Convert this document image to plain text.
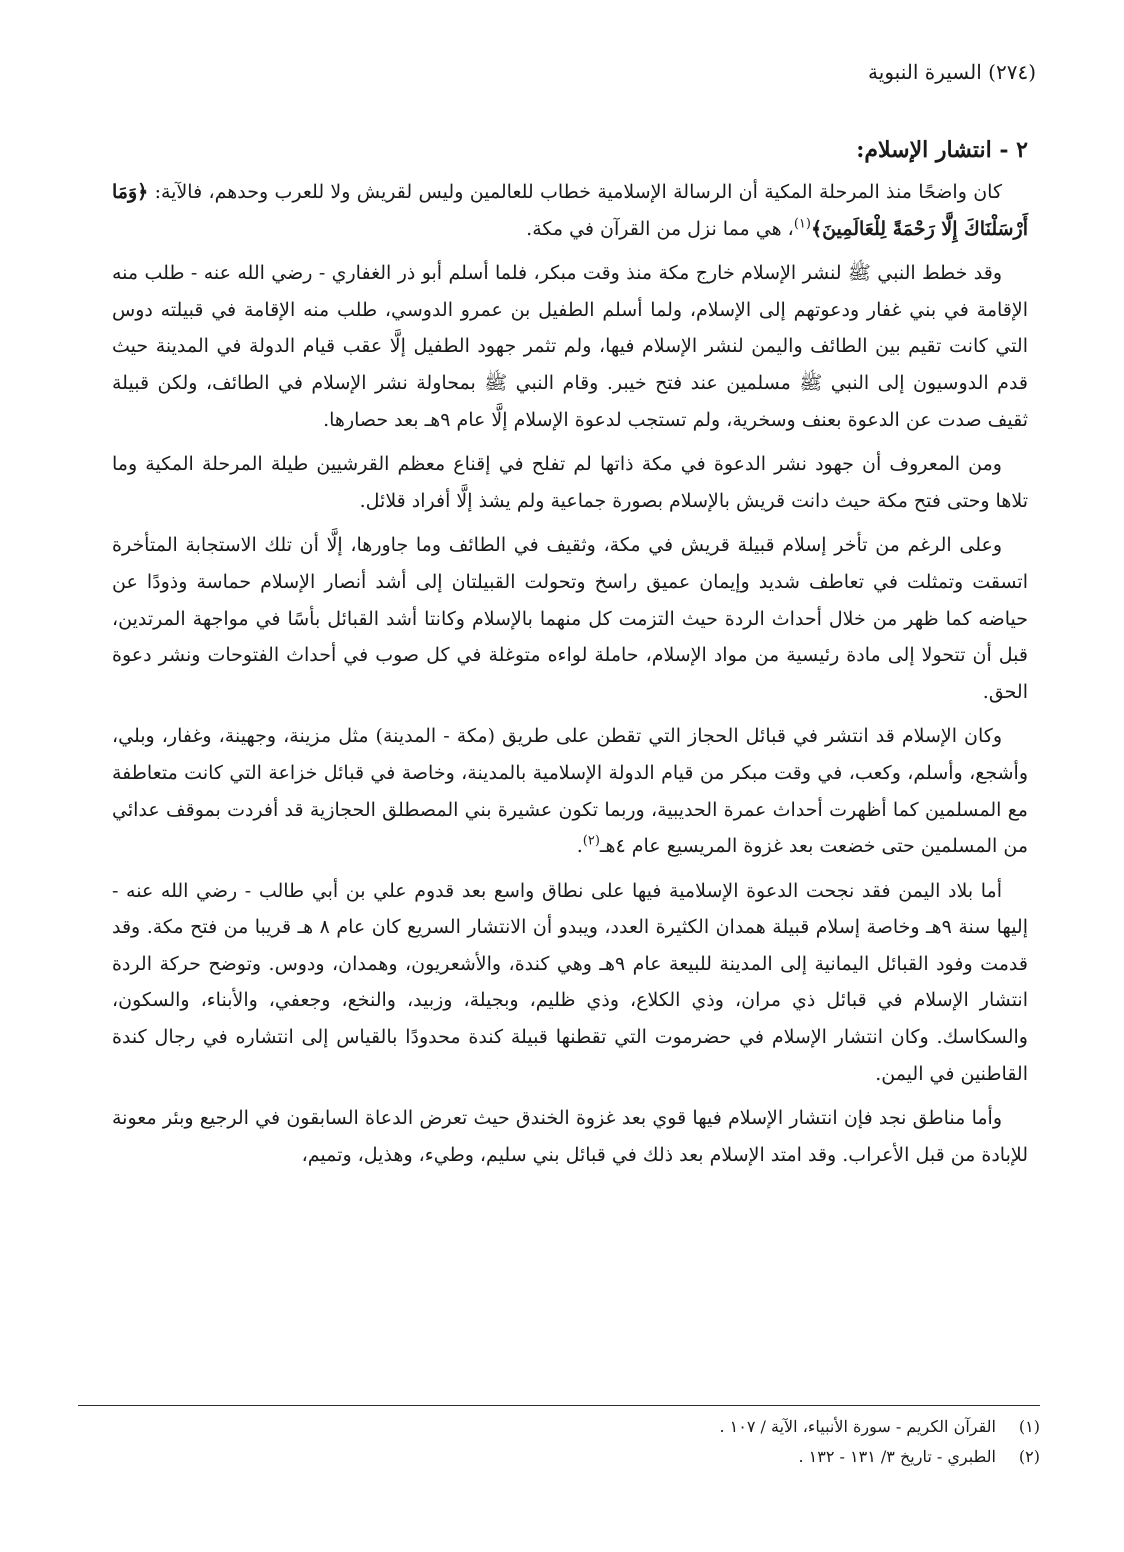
(٢٧٤) السيرة النبوية
٢ - انتشار الإسلام:

كان واضحًا منذ المرحلة المكية أن الرسالة الإسلامية خطاب للعالمين وليس لقريش ولا للعرب وحدهم، فالآية: ﴿وَمَا أَرْسَلْنَاكَ إِلَّا رَحْمَةً لِلْعَالَمِينَ﴾$^{(١)}$، هي مما نزل من القرآن في مكة.

وقد خطط النبي ﷺ لنشر الإسلام خارج مكة منذ وقت مبكر، فلما أسلم أبو ذر الغفاري - رضي الله عنه - طلب منه الإقامة في بني غفار ودعوتهم إلى الإسلام، ولما أسلم الطفيل بن عمرو الدوسي، طلب منه الإقامة في قبيلته دوس التي كانت تقيم بين الطائف واليمن لنشر الإسلام فيها، ولم تثمر جهود الطفيل إلَّا عقب قيام الدولة في المدينة حيث قدم الدوسيون إلى النبي ﷺ مسلمين عند فتح خيبر. وقام النبي ﷺ بمحاولة نشر الإسلام في الطائف، ولكن قبيلة ثقيف صدت عن الدعوة بعنف وسخرية، ولم تستجب لدعوة الإسلام إلَّا عام ٩هـ بعد حصارها.

ومن المعروف أن جهود نشر الدعوة في مكة ذاتها لم تفلح في إقناع معظم القرشيين طيلة المرحلة المكية وما تلاها وحتى فتح مكة حيث دانت قريش بالإسلام بصورة جماعية ولم يشذ إلَّا أفراد قلائل.

وعلى الرغم من تأخر إسلام قبيلة قريش في مكة، وثقيف في الطائف وما جاورها، إلَّا أن تلك الاستجابة المتأخرة اتسقت وتمثلت في تعاطف شديد وإيمان عميق راسخ وتحولت القبيلتان إلى أشد أنصار الإسلام حماسة وذودًا عن حياضه كما ظهر من خلال أحداث الردة حيث التزمت كل منهما بالإسلام وكانتا أشد القبائل بأسًا في مواجهة المرتدين، قبل أن تتحولا إلى مادة رئيسية من مواد الإسلام، حاملة لواءه متوغلة في كل صوب في أحداث الفتوحات ونشر دعوة الحق.

وكان الإسلام قد انتشر في قبائل الحجاز التي تقطن على طريق (مكة - المدينة) مثل مزينة، وجهينة، وغفار، وبلي، وأشجع، وأسلم، وكعب، في وقت مبكر من قيام الدولة الإسلامية بالمدينة، وخاصة في قبائل خزاعة التي كانت متعاطفة مع المسلمين كما أظهرت أحداث عمرة الحديبية، وربما تكون عشيرة بني المصطلق الحجازية قد أفردت بموقف عدائي من المسلمين حتى خضعت بعد غزوة المريسيع عام ٤هـ$^{(٢)}$.

أما بلاد اليمن فقد نجحت الدعوة الإسلامية فيها على نطاق واسع بعد قدوم علي بن أبي طالب - رضي الله عنه - إليها سنة ٩هـ وخاصة إسلام قبيلة همدان الكثيرة العدد، ويبدو أن الانتشار السريع كان عام ٨ هـ قريبا من فتح مكة. وقد قدمت وفود القبائل اليمانية إلى المدينة للبيعة عام ٩هـ وهي كندة، والأشعريون، وهمدان، ودوس. وتوضح حركة الردة انتشار الإسلام في قبائل ذي مران، وذي الكلاع، وذي ظليم، وبجيلة، وزبيد، والنخع، وجعفي، والأبناء، والسكون، والسكاسك. وكان انتشار الإسلام في حضرموت التي تقطنها قبيلة كندة محدودًا بالقياس إلى انتشاره في رجال كندة القاطنين في اليمن.

وأما مناطق نجد فإن انتشار الإسلام فيها قوي بعد غزوة الخندق حيث تعرض الدعاة السابقون في الرجيع وبئر معونة للإبادة من قبل الأعراب. وقد امتد الإسلام بعد ذلك في قبائل بني سليم، وطيء، وهذيل، وتميم،

(١)
القرآن الكريم - سورة الأنبياء، الآية / ١٠٧ .
(٢)
الطبري - تاريخ ٣/ ١٣١ - ١٣٢ .
